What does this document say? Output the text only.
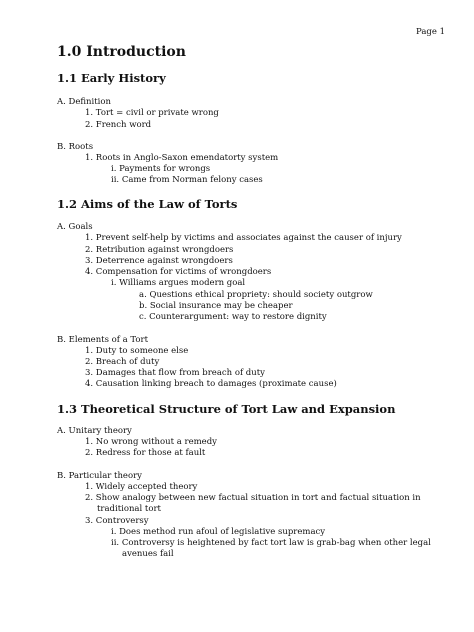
Page 1
1.0 Introduction
1.1 Early History
A. Definition
1. Tort = civil or private wrong
2. French word
B. Roots
1. Roots in Anglo-Saxon emendatorty system
i. Payments for wrongs
ii. Came from Norman felony cases
1.2 Aims of the Law of Torts
A. Goals
1. Prevent self-help by victims and associates against the causer of injury
2. Retribution against wrongdoers
3. Deterrence against wrongdoers
4. Compensation for victims of wrongdoers
i. Williams argues modern goal
a. Questions ethical propriety: should society outgrow
b. Social insurance may be cheaper
c. Counterargument: way to restore dignity
B. Elements of a Tort
1. Duty to someone else
2. Breach of duty
3. Damages that flow from breach of duty
4. Causation linking breach to damages (proximate cause)
1.3 Theoretical Structure of Tort Law and Expansion
A. Unitary theory
1. No wrong without a remedy
2. Redress for those at fault
B. Particular theory
1. Widely accepted theory
2. Show analogy between new factual situation in tort and factual situation in
traditional tort
3. Controversy
i. Does method run afoul of legislative supremacy
ii. Controversy is heightened by fact tort law is grab-bag when other legal
avenues fail
